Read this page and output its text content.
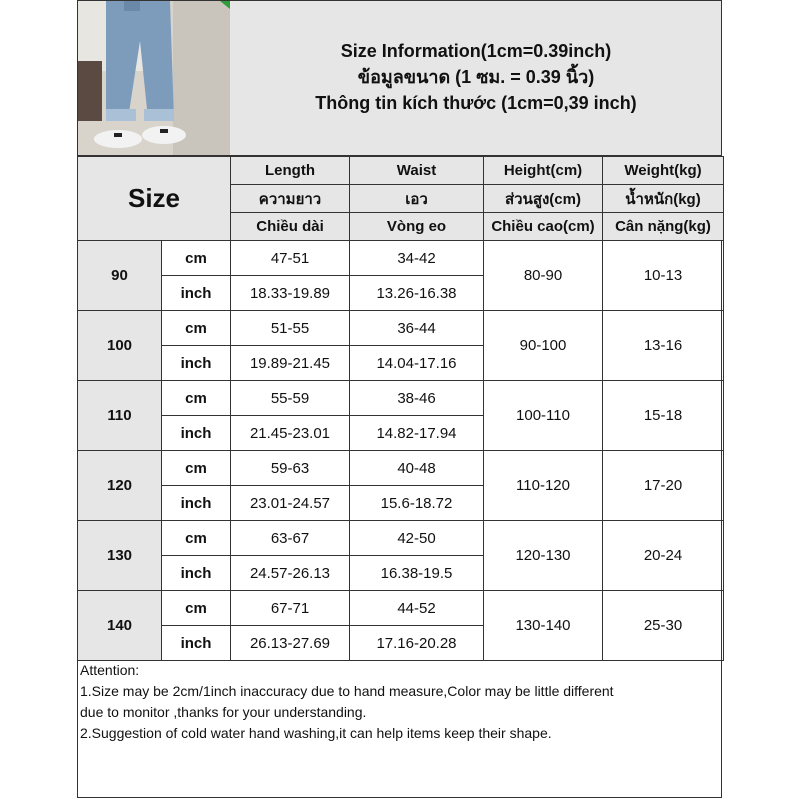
Size Information(1cm=0.39inch)
ข้อมูลขนาด (1 ซม. = 0.39 นิ้ว)
Thông tin kích thước (1cm=0,39 inch)
Size		Length	Waist	Height(cm)	Weight(kg)
		ความยาว	เอว	ส่วนสูง(cm)	น้ำหนัก(kg)
		Chiều dài	Vòng eo	Chiều cao(cm)	Cân nặng(kg)
90	cm	47-51	34-42	80-90	10-13
	inch	18.33-19.89	13.26-16.38		
100	cm	51-55	36-44	90-100	13-16
	inch	19.89-21.45	14.04-17.16		
110	cm	55-59	38-46	100-110	15-18
	inch	21.45-23.01	14.82-17.94		
120	cm	59-63	40-48	110-120	17-20
	inch	23.01-24.57	15.6-18.72		
130	cm	63-67	42-50	120-130	20-24
	inch	24.57-26.13	16.38-19.5		
140	cm	67-71	44-52	130-140	25-30
	inch	26.13-27.69	17.16-20.28		

Attention:

1.Size may be 2cm/1inch inaccuracy due to hand measure,Color may be little different

due to monitor ,thanks for your understanding.

2.Suggestion of cold water hand washing,it can help items keep their shape.
